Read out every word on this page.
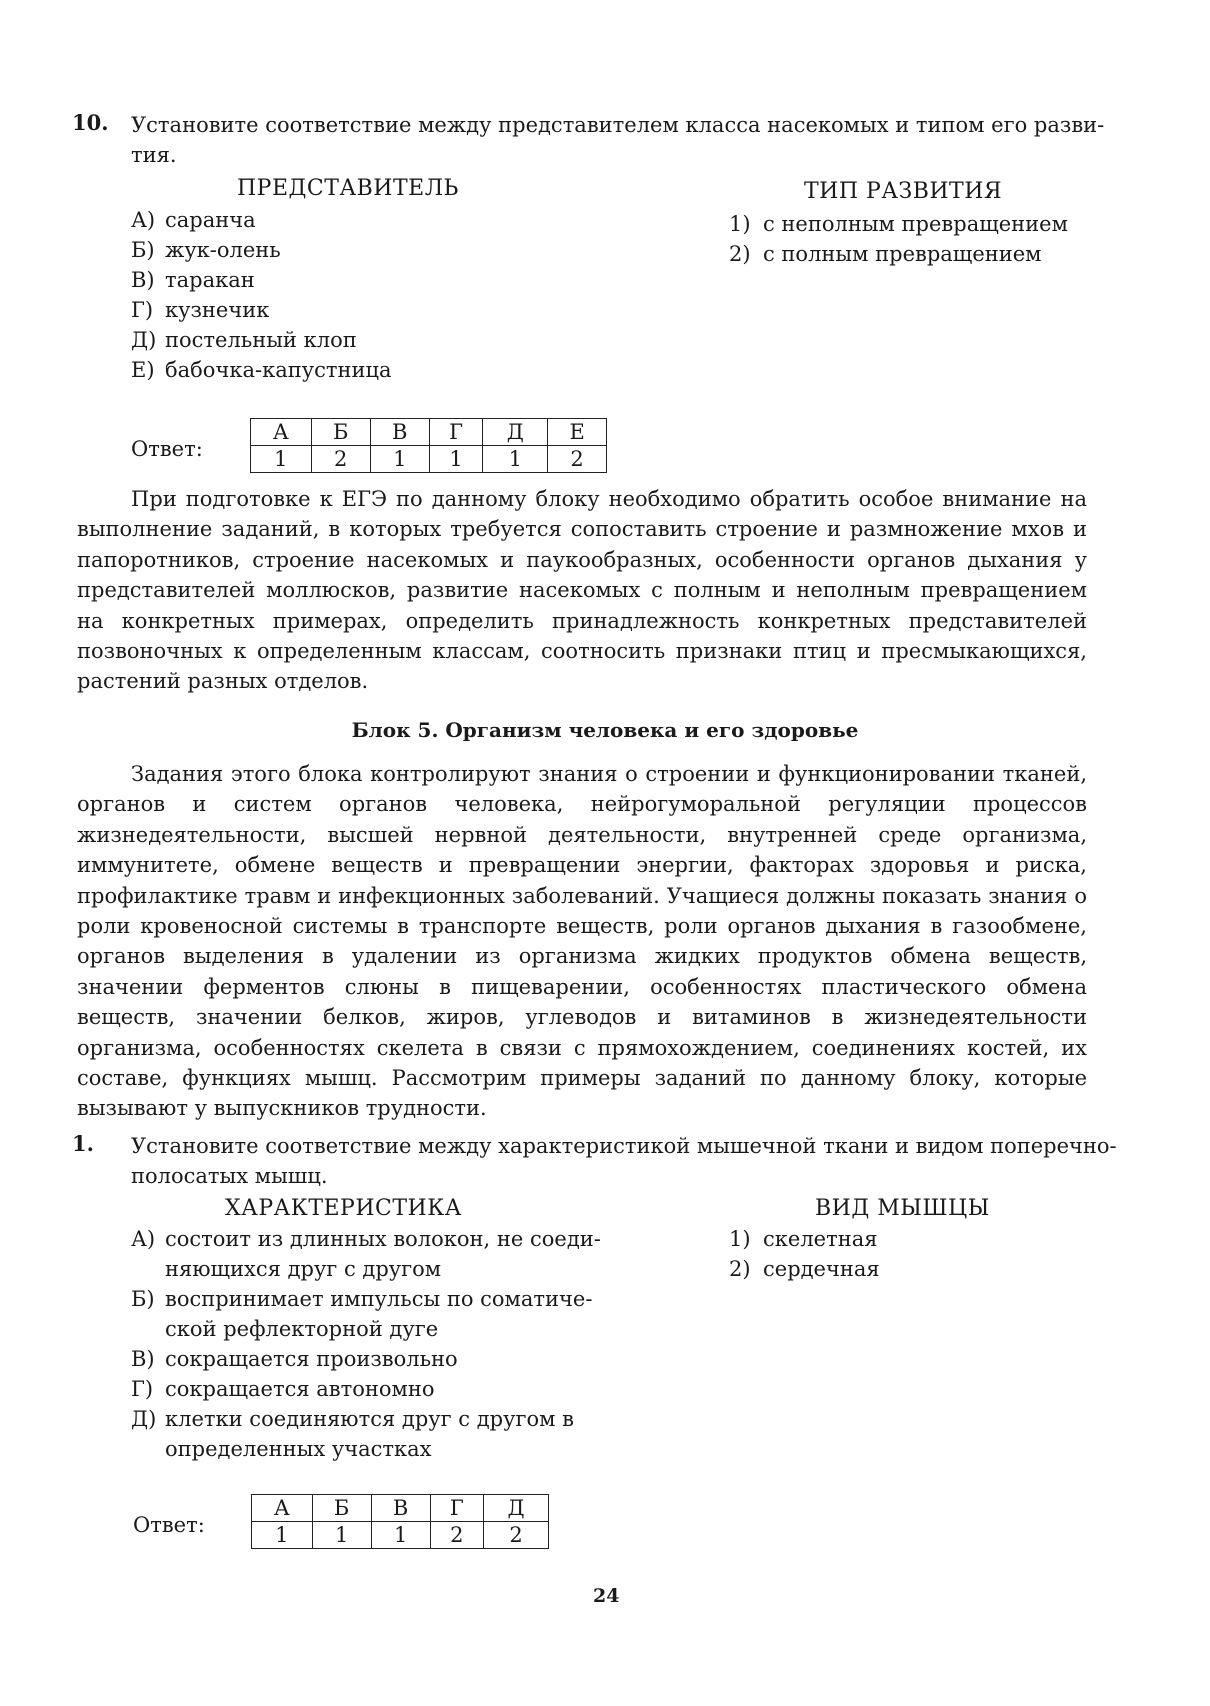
10. Установите соответствие между представителем класса насекомых и типом его разви-
тия.
ПРЕДСТАВИТЕЛЬ	ТИП РАЗВИТИЯ
А) саранча
Б) жук-олень
В) таракан
Г) кузнечик
Д) постельный клоп
Е) бабочка-капустница
1) с неполным превращением
2) с полным превращением
Ответ:
А	Б	В	Г	Д	Е
1	2	1	1	1	2

При подготовке к ЕГЭ по данному блоку необходимо обратить особое внимание на выполнение заданий, в которых требуется сопоставить строение и размножение мхов и папоротников, строение насекомых и паукообразных, особенности органов дыхания у представителей моллюсков, развитие насекомых с полным и неполным превращением на конкретных примерах, определить принадлежность конкретных представителей позвоночных к определенным классам, соотносить признаки птиц и пресмыкающихся, растений разных отделов.

Блок 5. Организм человека и его здоровье

Задания этого блока контролируют знания о строении и функционировании тканей, органов и систем органов человека, нейрогуморальной регуляции процессов жизнедеятельности, высшей нервной деятельности, внутренней среде организма, иммунитете, обмене веществ и превращении энергии, факторах здоровья и риска, профилактике травм и инфекционных заболеваний. Учащиеся должны показать знания о роли кровеносной системы в транспорте веществ, роли органов дыхания в газообмене, органов выделения в удалении из организма жидких продуктов обмена веществ, значении ферментов слюны в пищеварении, особенностях пластического обмена веществ, значении белков, жиров, углеводов и витаминов в жизнедеятельности организма, особенностях скелета в связи с прямохождением, соединениях костей, их составе, функциях мышц. Рассмотрим примеры заданий по данному блоку, которые вызывают у выпускников трудности.

1. Установите соответствие между характеристикой мышечной ткани и видом поперечно-
полосатых мышц.
ХАРАКТЕРИСТИКА	ВИД МЫШЦЫ
А) состоит из длинных волокон, не соеди-
няющихся друг с другом
Б) воспринимает импульсы по соматиче-
ской рефлекторной дуге
В) сокращается произвольно
Г) сокращается автономно
Д) клетки соединяются друг с другом в
определенных участках
1) скелетная
2) сердечная
Ответ:
А	Б	В	Г	Д
1	1	1	2	2
24
